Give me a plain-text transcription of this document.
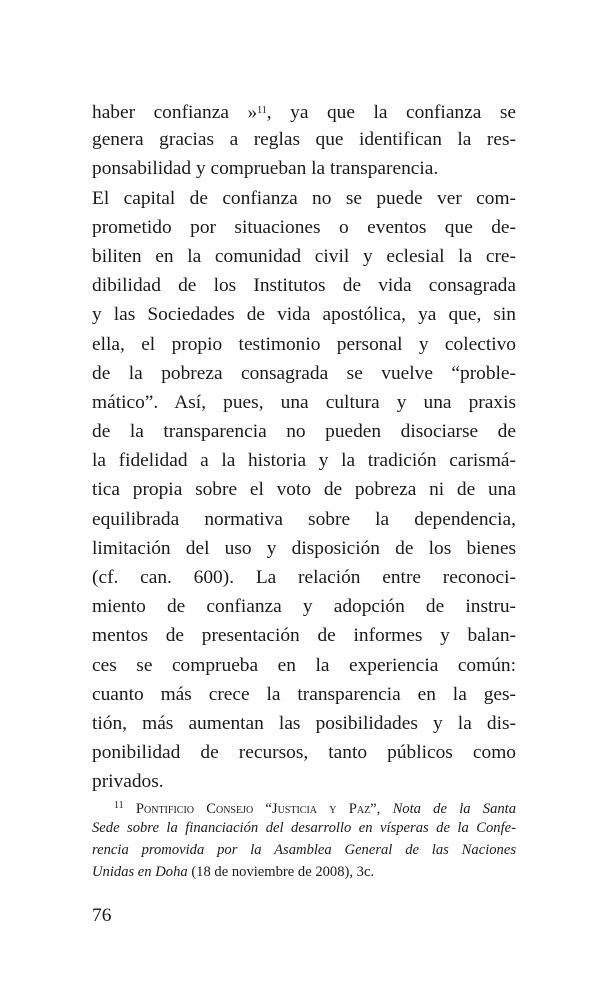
haber confianza »$^{11}$, ya que la confianza se
genera gracias a reglas que identifican la res-
ponsabilidad y comprueban la transparencia.
El capital de confianza no se puede ver com-
prometido por situaciones o eventos que de-
biliten en la comunidad civil y eclesial la cre-
dibilidad de los Institutos de vida consagrada
y las Sociedades de vida apostólica, ya que, sin
ella, el propio testimonio personal y colectivo
de la pobreza consagrada se vuelve “proble-
mático”. Así, pues, una cultura y una praxis
de la transparencia no pueden disociarse de
la fidelidad a la historia y la tradición carismá-
tica propia sobre el voto de pobreza ni de una
equilibrada normativa sobre la dependencia,
limitación del uso y disposición de los bienes
(cf. can. 600). La relación entre reconoci-
miento de confianza y adopción de instru-
mentos de presentación de informes y balan-
ces se comprueba en la experiencia común:
cuanto más crece la transparencia en la ges-
tión, más aumentan las posibilidades y la dis-
ponibilidad de recursos, tanto públicos como
privados.
$^{11}$ Pontificio Consejo “Justicia y Paz”, Nota de la Santa
Sede sobre la financiación del desarrollo en vísperas de la Confe-
rencia promovida por la Asamblea General de las Naciones
Unidas en Doha (18 de noviembre de 2008), 3c.
76
